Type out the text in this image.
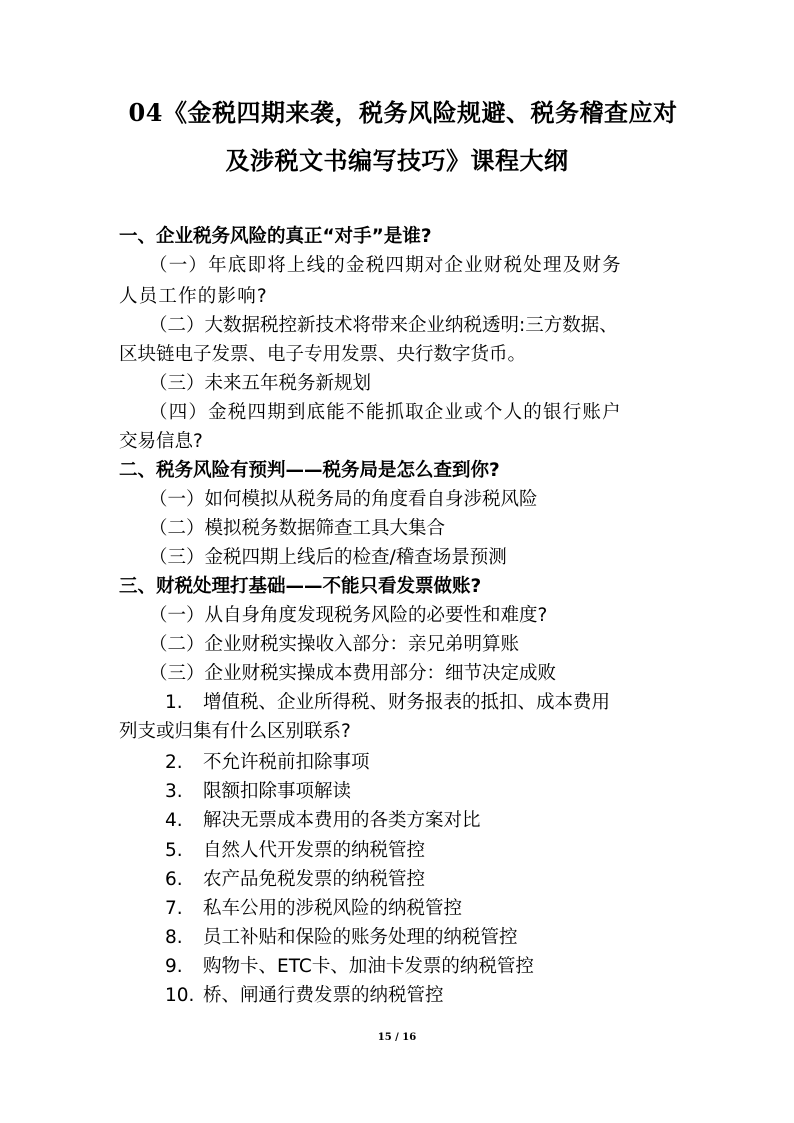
04《金税四期来袭，税务风险规避、税务稽查应对
及涉税文书编写技巧》课程大纲
一、企业税务风险的真正“对手”是谁?
（一）年底即将上线的金税四期对企业财税处理及财务
人员工作的影响?
（二）大数据税控新技术将带来企业纳税透明:三方数据、
区块链电子发票、电子专用发票、央行数字货币。
（三）未来五年税务新规划
（四）金税四期到底能不能抓取企业或个人的银行账户
交易信息?
二、税务风险有预判——税务局是怎么查到你?
（一）如何模拟从税务局的角度看自身涉税风险
（二）模拟税务数据筛查工具大集合
（三）金税四期上线后的检查/稽查场景预测
三、财税处理打基础——不能只看发票做账?
（一）从自身角度发现税务风险的必要性和难度?
（二）企业财税实操收入部分：亲兄弟明算账
（三）企业财税实操成本费用部分：细节决定成败
1. 增值税、企业所得税、财务报表的抵扣、成本费用
列支或归集有什么区别联系?
2. 不允许税前扣除事项
3. 限额扣除事项解读
4. 解决无票成本费用的各类方案对比
5. 自然人代开发票的纳税管控
6. 农产品免税发票的纳税管控
7. 私车公用的涉税风险的纳税管控
8. 员工补贴和保险的账务处理的纳税管控
9. 购物卡、ETC卡、加油卡发票的纳税管控
10. 桥、闸通行费发票的纳税管控
15 / 16
